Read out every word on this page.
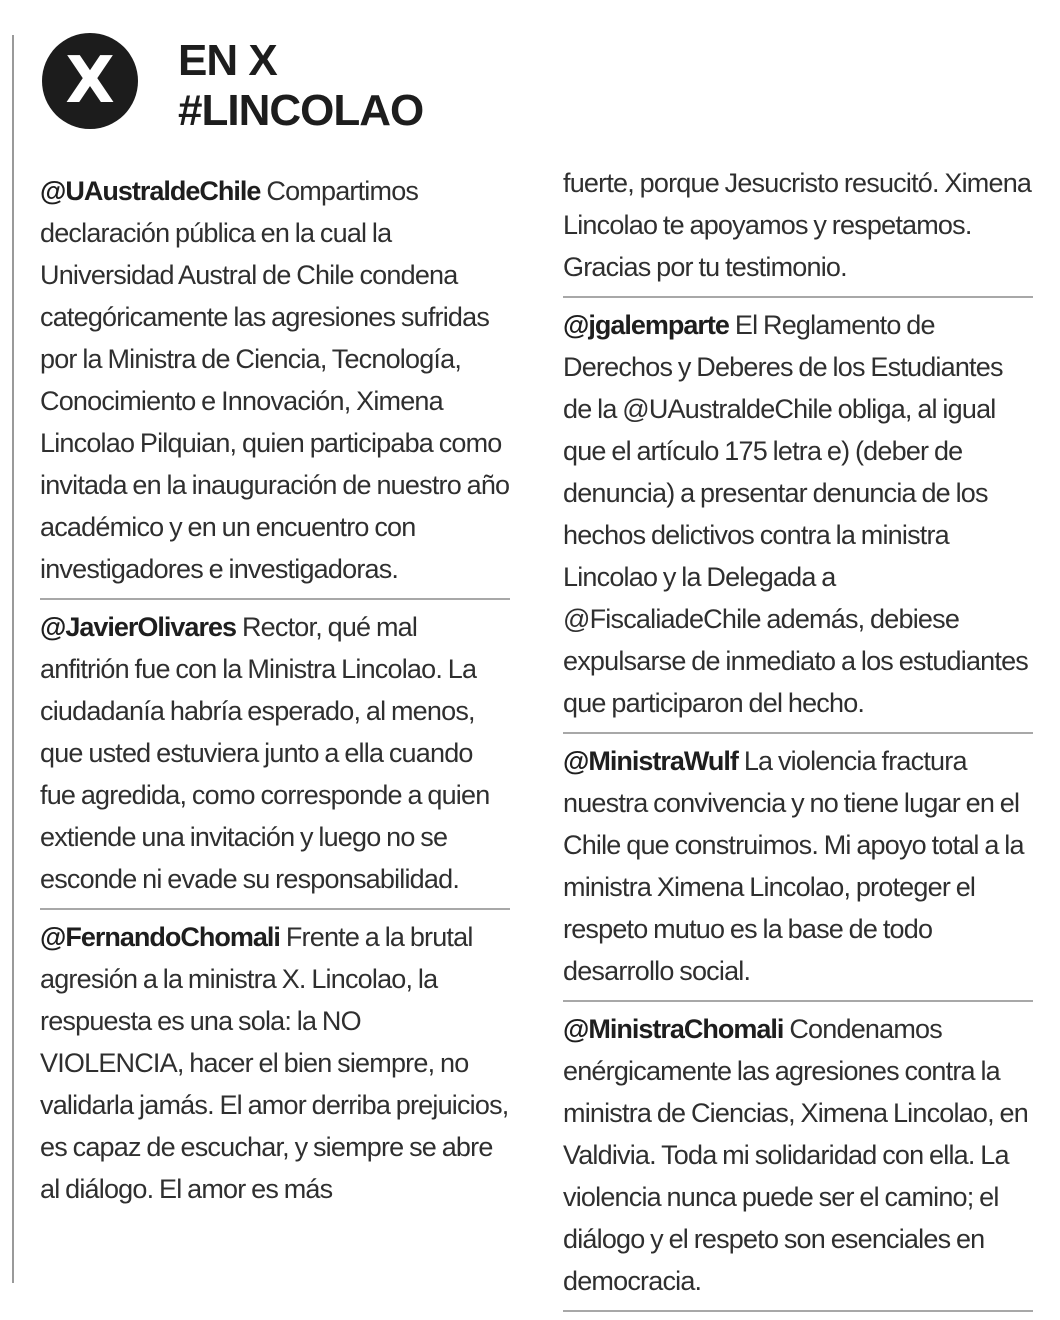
X EN X
#LINCOLAO

@UAustraldeChile Compartimos declaración pública en la cual la Universidad Austral de Chile condena categóricamente las agresiones sufridas por la Ministra de Ciencia, Tecnología, Conocimiento e Innovación, Ximena Lincolao Pilquian, quien participaba como invitada en la inauguración de nuestro año académico y en un encuentro con investigadores e investigadoras.

@JavierOlivares Rector, qué mal anfitrión fue con la Ministra Lincolao. La ciudadanía habría esperado, al menos, que usted estuviera junto a ella cuando fue agredida, como corresponde a quien extiende una invitación y luego no se esconde ni evade su responsabilidad.

@FernandoChomali Frente a la brutal agresión a la ministra X. Lincolao, la respuesta es una sola: la NO VIOLENCIA, hacer el bien siempre, no validarla jamás. El amor derriba prejuicios, es capaz de escuchar, y siempre se abre al diálogo. El amor es más

fuerte, porque Jesucristo resucitó. Ximena Lincolao te apoyamos y respetamos. Gracias por tu testimonio.

@jgalemparte El Reglamento de Derechos y Deberes de los Estudiantes de la @UAustraldeChile obliga, al igual que el artículo 175 letra e) (deber de denuncia) a presentar denuncia de los hechos delictivos contra la ministra Lincolao y la Delegada a @FiscaliadeChile además, debiese expulsarse de inmediato a los estudiantes que participaron del hecho.

@MinistraWulf La violencia fractura nuestra convivencia y no tiene lugar en el Chile que construimos. Mi apoyo total a la ministra Ximena Lincolao, proteger el respeto mutuo es la base de todo desarrollo social.

@MinistraChomali Condenamos enérgicamente las agresiones contra la ministra de Ciencias, Ximena Lincolao, en Valdivia. Toda mi solidaridad con ella. La violencia nunca puede ser el camino; el diálogo y el respeto son esenciales en democracia.
